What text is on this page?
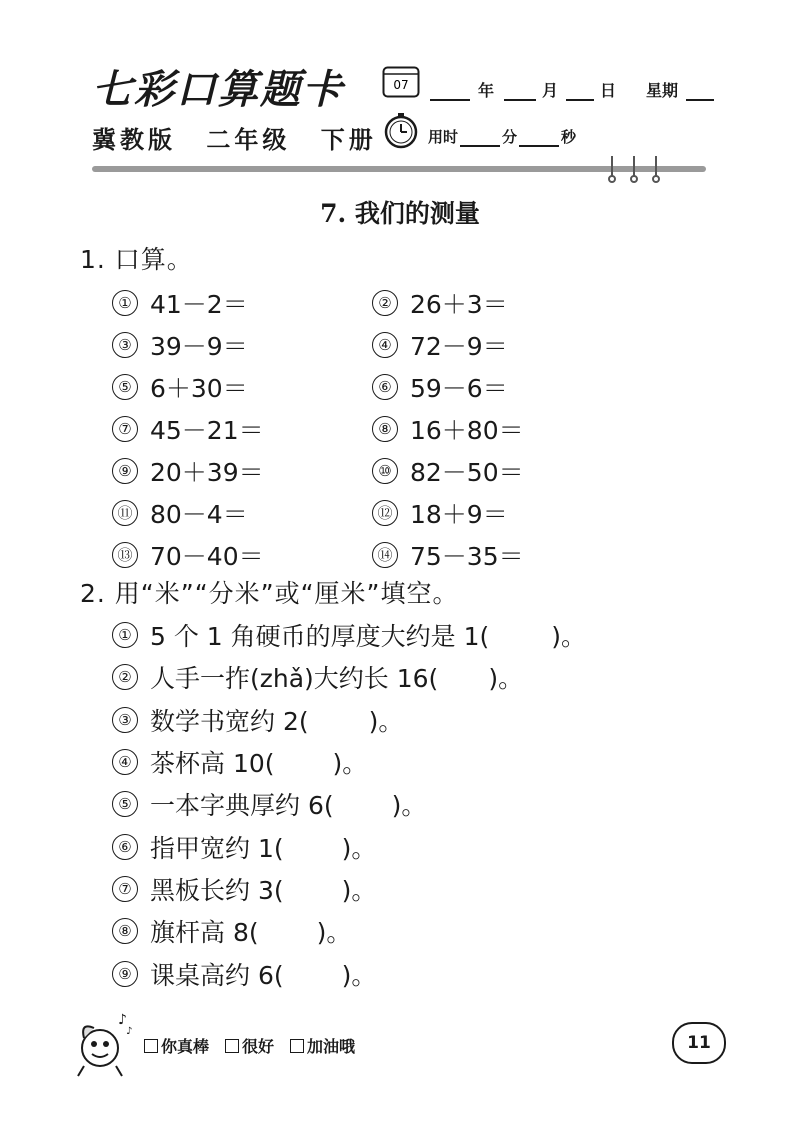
七彩口算题卡
冀教版 二年级 下册
07	年	月	日 星期
用时	分	秒
7. 我们的测量
1. 口算。
① 41－2＝	② 26＋3＝
③ 39－9＝	④ 72－9＝
⑤ 6＋30＝	⑥ 59－6＝
⑦ 45－21＝	⑧ 16＋80＝
⑨ 20＋39＝	⑩ 82－50＝
⑪ 80－4＝	⑫ 18＋9＝
⑬ 70－40＝	⑭ 75－35＝
2. 用“米”“分米”或“厘米”填空。
① 5 个 1 角硬币的厚度大约是 1( )。
② 人手一拃(zhǎ)大约长 16( )。
③ 数学书宽约 2( )。
④ 茶杯高 10( )。
⑤ 一本字典厚约 6( )。
⑥ 指甲宽约 1( )。
⑦ 黑板长约 3( )。
⑧ 旗杆高 8( )。
⑨ 课桌高约 6( )。
♪
♪
你真棒 很好 加油哦	11
